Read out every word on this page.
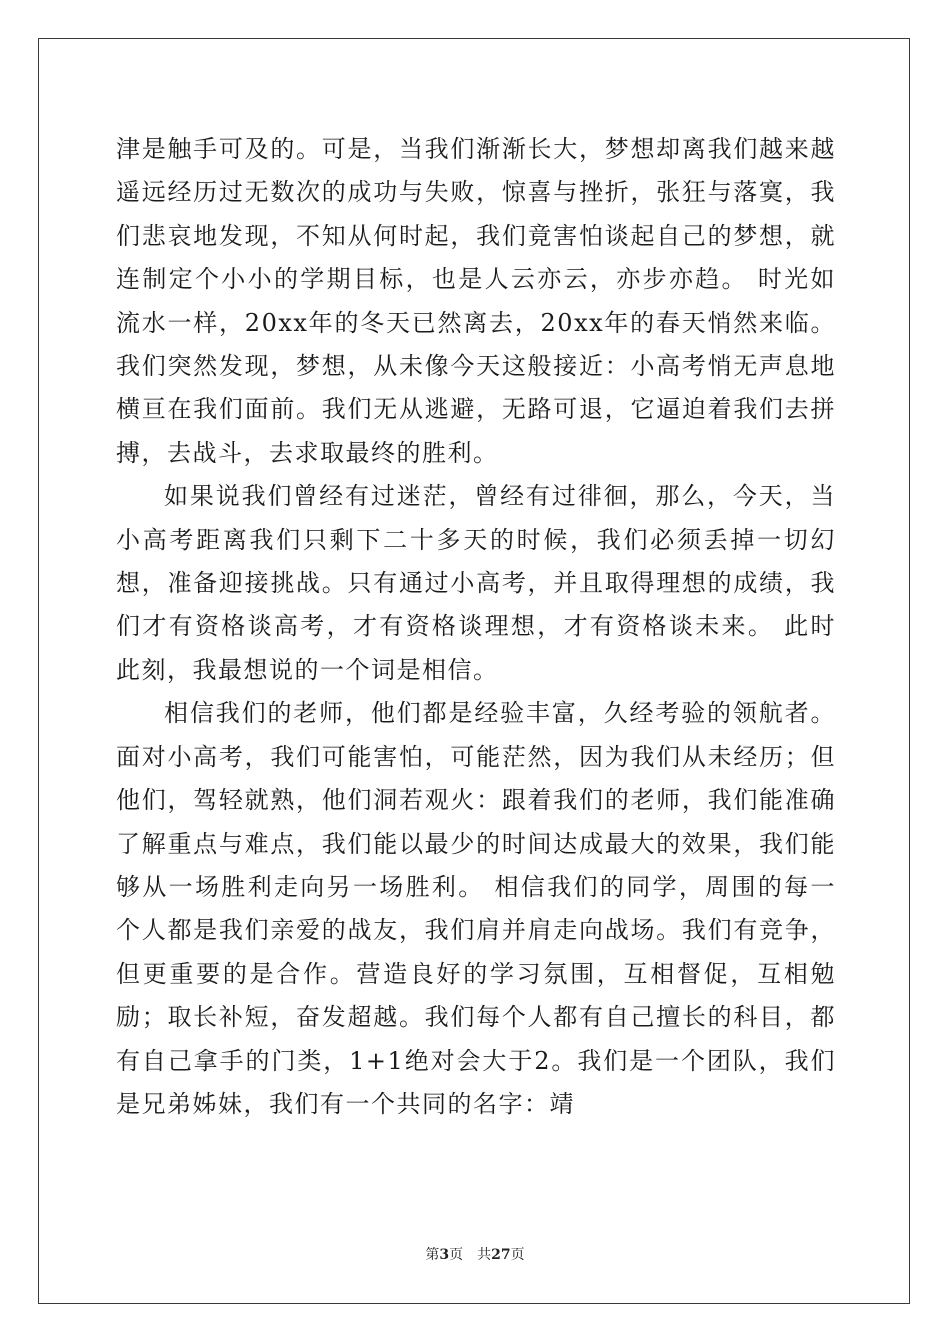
津是触手可及的。可是，当我们渐渐长大，梦想却离我们越来越遥远经历过无数次的成功与失败，惊喜与挫折，张狂与落寞，我们悲哀地发现，不知从何时起，我们竟害怕谈起自己的梦想，就连制定个小小的学期目标，也是人云亦云，亦步亦趋。 时光如流水一样，20xx年的冬天已然离去，20xx年的春天悄然来临。我们突然发现，梦想，从未像今天这般接近：小高考悄无声息地横亘在我们面前。我们无从逃避，无路可退，它逼迫着我们去拼搏，去战斗，去求取最终的胜利。

如果说我们曾经有过迷茫，曾经有过徘徊，那么，今天，当小高考距离我们只剩下二十多天的时候，我们必须丢掉一切幻想，准备迎接挑战。只有通过小高考，并且取得理想的成绩，我们才有资格谈高考，才有资格谈理想，才有资格谈未来。 此时此刻，我最想说的一个词是相信。

相信我们的老师，他们都是经验丰富，久经考验的领航者。面对小高考，我们可能害怕，可能茫然，因为我们从未经历；但他们，驾轻就熟，他们洞若观火：跟着我们的老师，我们能准确了解重点与难点，我们能以最少的时间达成最大的效果，我们能够从一场胜利走向另一场胜利。 相信我们的同学，周围的每一个人都是我们亲爱的战友，我们肩并肩走向战场。我们有竞争，但更重要的是合作。营造良好的学习氛围，互相督促，互相勉励；取长补短，奋发超越。我们每个人都有自己擅长的科目，都有自己拿手的门类，1+1绝对会大于2。我们是一个团队，我们是兄弟姊妹，我们有一个共同的名字：靖

第3页 共27页
